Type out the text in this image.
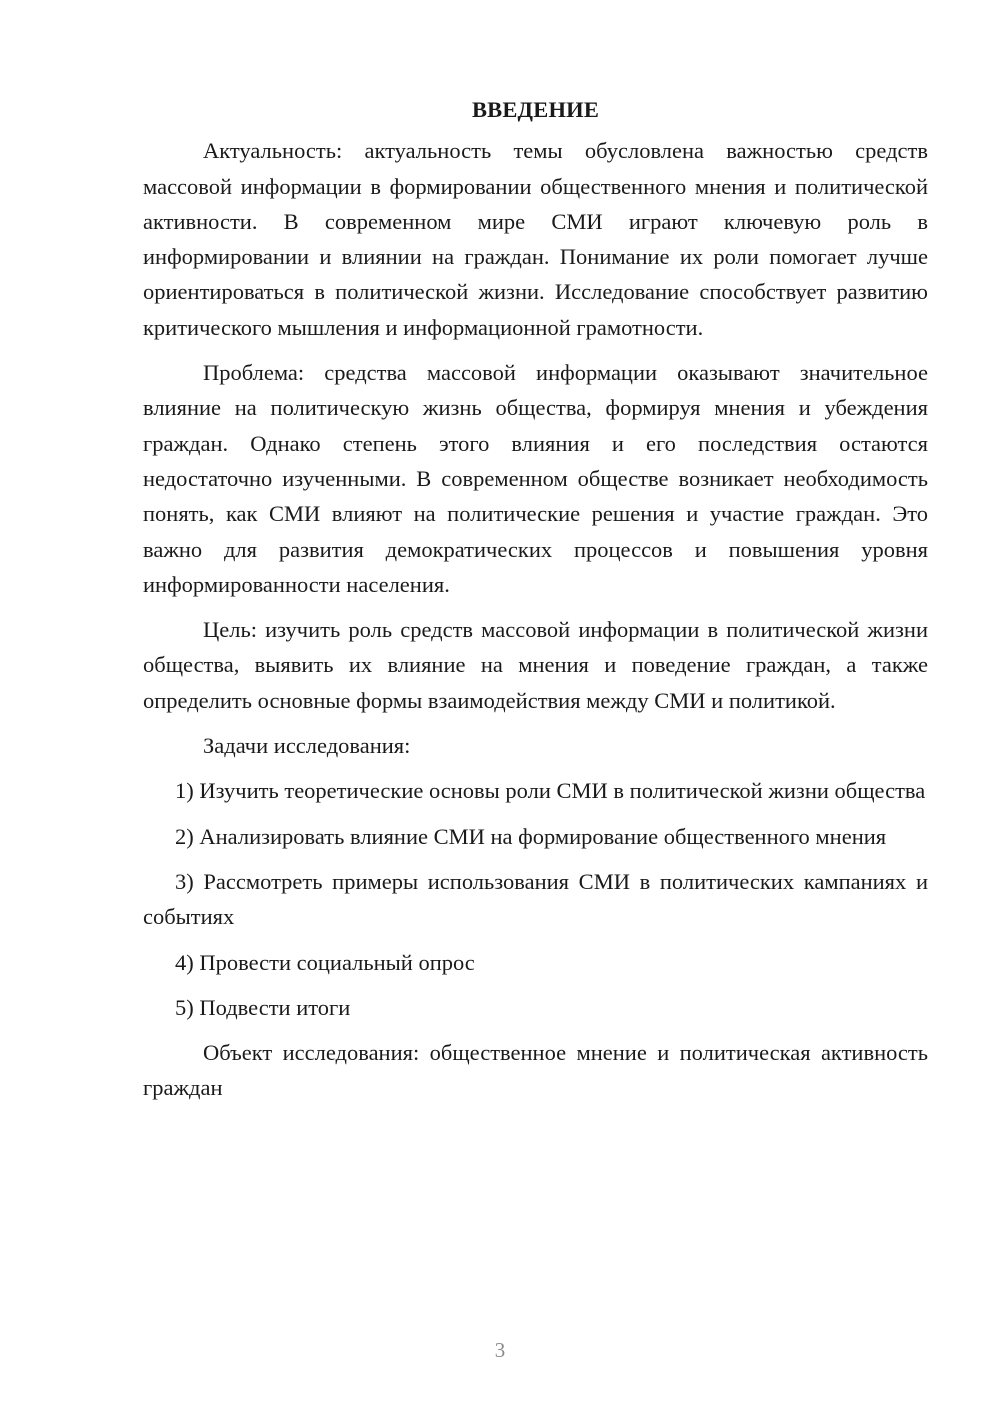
ВВЕДЕНИЕ

Актуальность: актуальность темы обусловлена важностью средств массовой информации в формировании общественного мнения и политической активности. В современном мире СМИ играют ключевую роль в информировании и влиянии на граждан. Понимание их роли помогает лучше ориентироваться в политической жизни. Исследование способствует развитию критического мышления и информационной грамотности.

Проблема: средства массовой информации оказывают значительное влияние на политическую жизнь общества, формируя мнения и убеждения граждан. Однако степень этого влияния и его последствия остаются недостаточно изученными. В современном обществе возникает необходимость понять, как СМИ влияют на политические решения и участие граждан. Это важно для развития демократических процессов и повышения уровня информированности населения.

Цель: изучить роль средств массовой информации в политической жизни общества, выявить их влияние на мнения и поведение граждан, а также определить основные формы взаимодействия между СМИ и политикой.

Задачи исследования:

1) Изучить теоретические основы роли СМИ в политической жизни общества

2) Анализировать влияние СМИ на формирование общественного мнения

3) Рассмотреть примеры использования СМИ в политических кампаниях и событиях

4) Провести социальный опрос

5) Подвести итоги

Объект исследования: общественное мнение и политическая активность граждан

3
